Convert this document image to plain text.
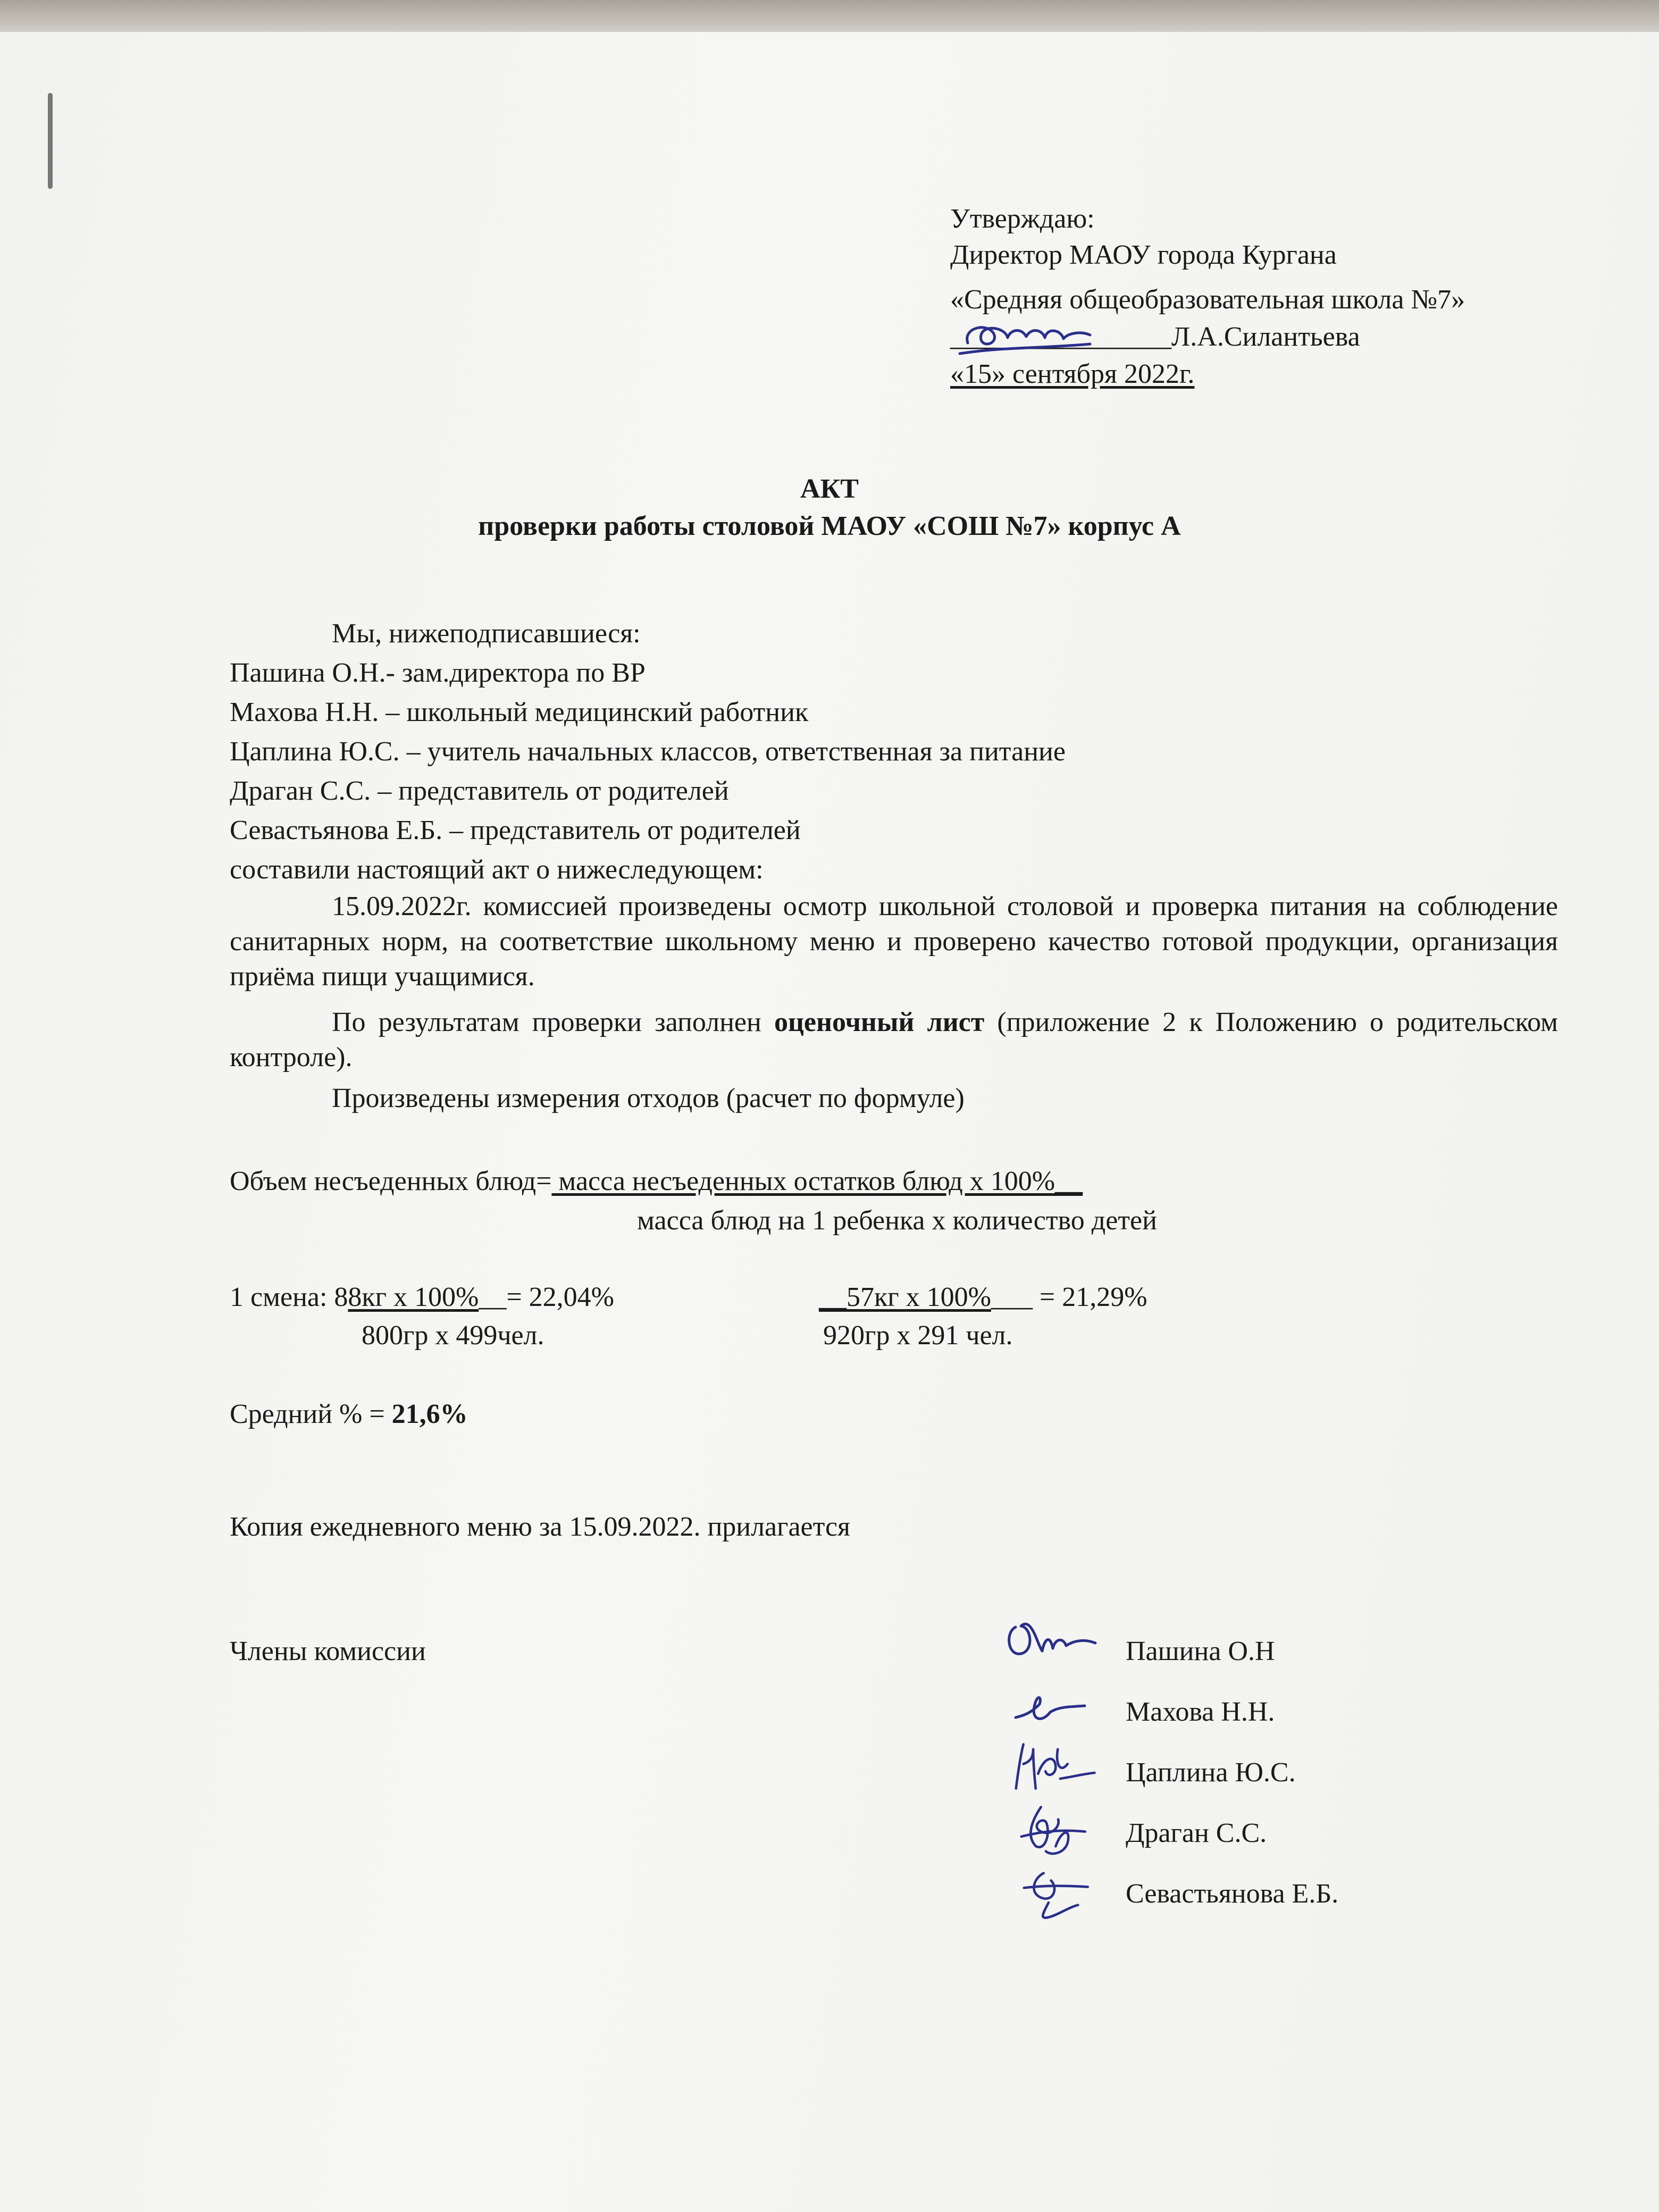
Утверждаю:
Директор МАОУ города Кургана
«Средняя общеобразовательная школа №7»
________________Л.А.Силантьева
«15» сентября 2022г.
АКТ
проверки работы столовой МАОУ «СОШ №7» корпус А
Мы, нижеподписавшиеся:
Пашина О.Н.- зам.директора по ВР
Махова Н.Н. – школьный медицинский работник
Цаплина Ю.С. – учитель начальных классов, ответственная за питание
Драган С.С. – представитель от родителей
Севастьянова Е.Б. – представитель от родителей
составили настоящий акт о нижеследующем:
15.09.2022г. комиссией произведены осмотр школьной столовой и проверка питания на соблюдение санитарных норм, на соответствие школьному меню и проверено качество готовой продукции, организация приёма пищи учащимися.
По результатам проверки заполнен оценочный лист (приложение 2 к Положению о родительском контроле).
Произведены измерения отходов (расчет по формуле)
Объем несъеденных блюд= масса несъеденных остатков блюд х 100%__
масса блюд на 1 ребенка х количество детей
1 смена: 88кг х 100%__= 22,04%
800гр х 499чел.
__57кг х 100%___ = 21,29%
920гр х 291 чел.
Средний % = 21,6%
Копия ежедневного меню за 15.09.2022. прилагается
Члены комиссии	Пашина О.Н
Махова Н.Н.
Цаплина Ю.С.
Драган С.С.
Севастьянова Е.Б.
